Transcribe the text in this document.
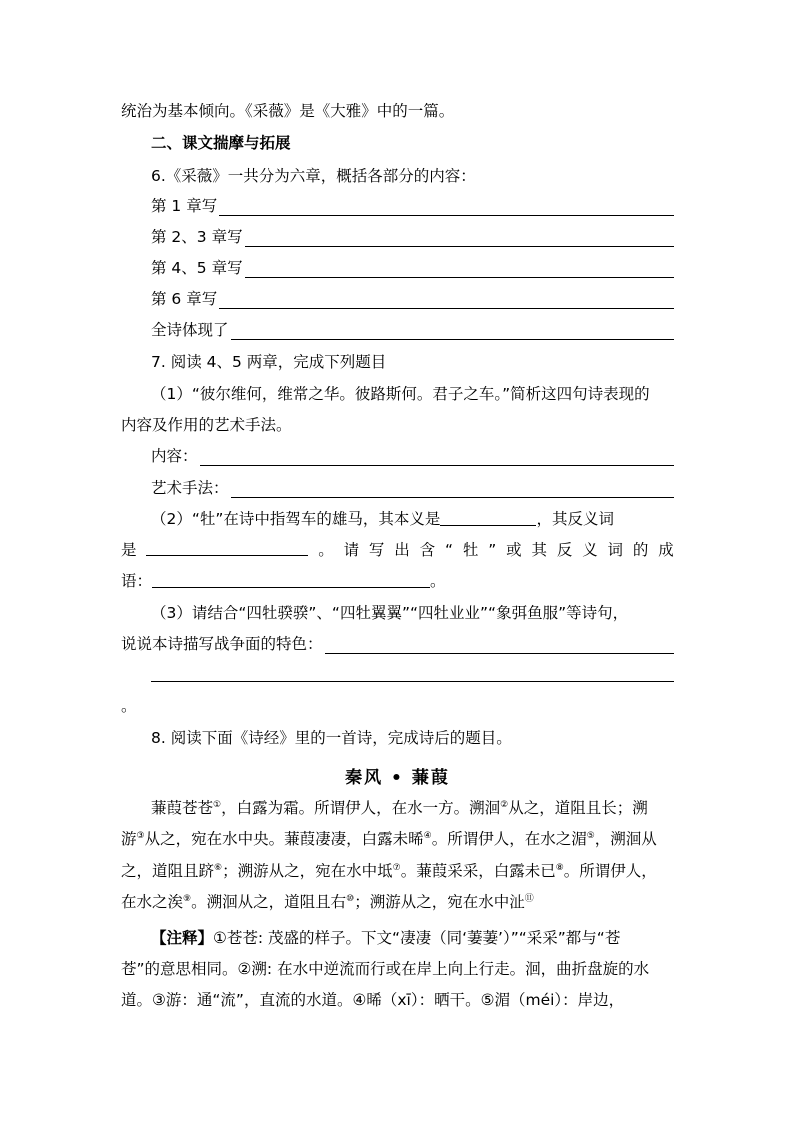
统治为基本倾向。《采薇》是《大雅》中的一篇。
二、课文揣摩与拓展
6.《采薇》一共分为六章，概括各部分的内容：
第 1 章写
第 2、3 章写
第 4、5 章写
第 6 章写
全诗体现了
7. 阅读 4、5 两章，完成下列题目
（1）“彼尔维何，维常之华。彼路斯何。君子之车。”简析这四句诗表现的
内容及作用的艺术手法。
内容：
艺术手法：
（2）“牡”在诗中指驾车的雄马，其本义是	，其反义词
是	。 请 写 出 含 “ 牡 ” 或 其 反 义 词 的 成
语：	。
（3）请结合“四牡骙骙”、“四牡翼翼”“四牡业业”“象弭鱼服”等诗句，
说说本诗描写战争面的特色：
。
8. 阅读下面《诗经》里的一首诗，完成诗后的题目。
秦风 • 蒹葭
蒹葭苍苍①，白露为霜。所谓伊人，在水一方。溯洄②从之，道阻且长；溯
游③从之，宛在水中央。蒹葭凄凄，白露未晞④。所谓伊人，在水之湄⑤，溯洄从
之，道阻且跻⑥；溯游从之，宛在水中坻⑦。蒹葭采采，白露未已⑧。所谓伊人，
在水之涘⑨。溯洄从之，道阻且右⑩；溯游从之，宛在水中沚⑪
【注释】①苍苍: 茂盛的样子。下文“凄凄（同‘萋萋’）”“采采”都与“苍
苍”的意思相同。②溯: 在水中逆流而行或在岸上向上行走。洄，曲折盘旋的水
道。③游：通“流”，直流的水道。④晞（xī）：晒干。⑤湄（méi）：岸边，
